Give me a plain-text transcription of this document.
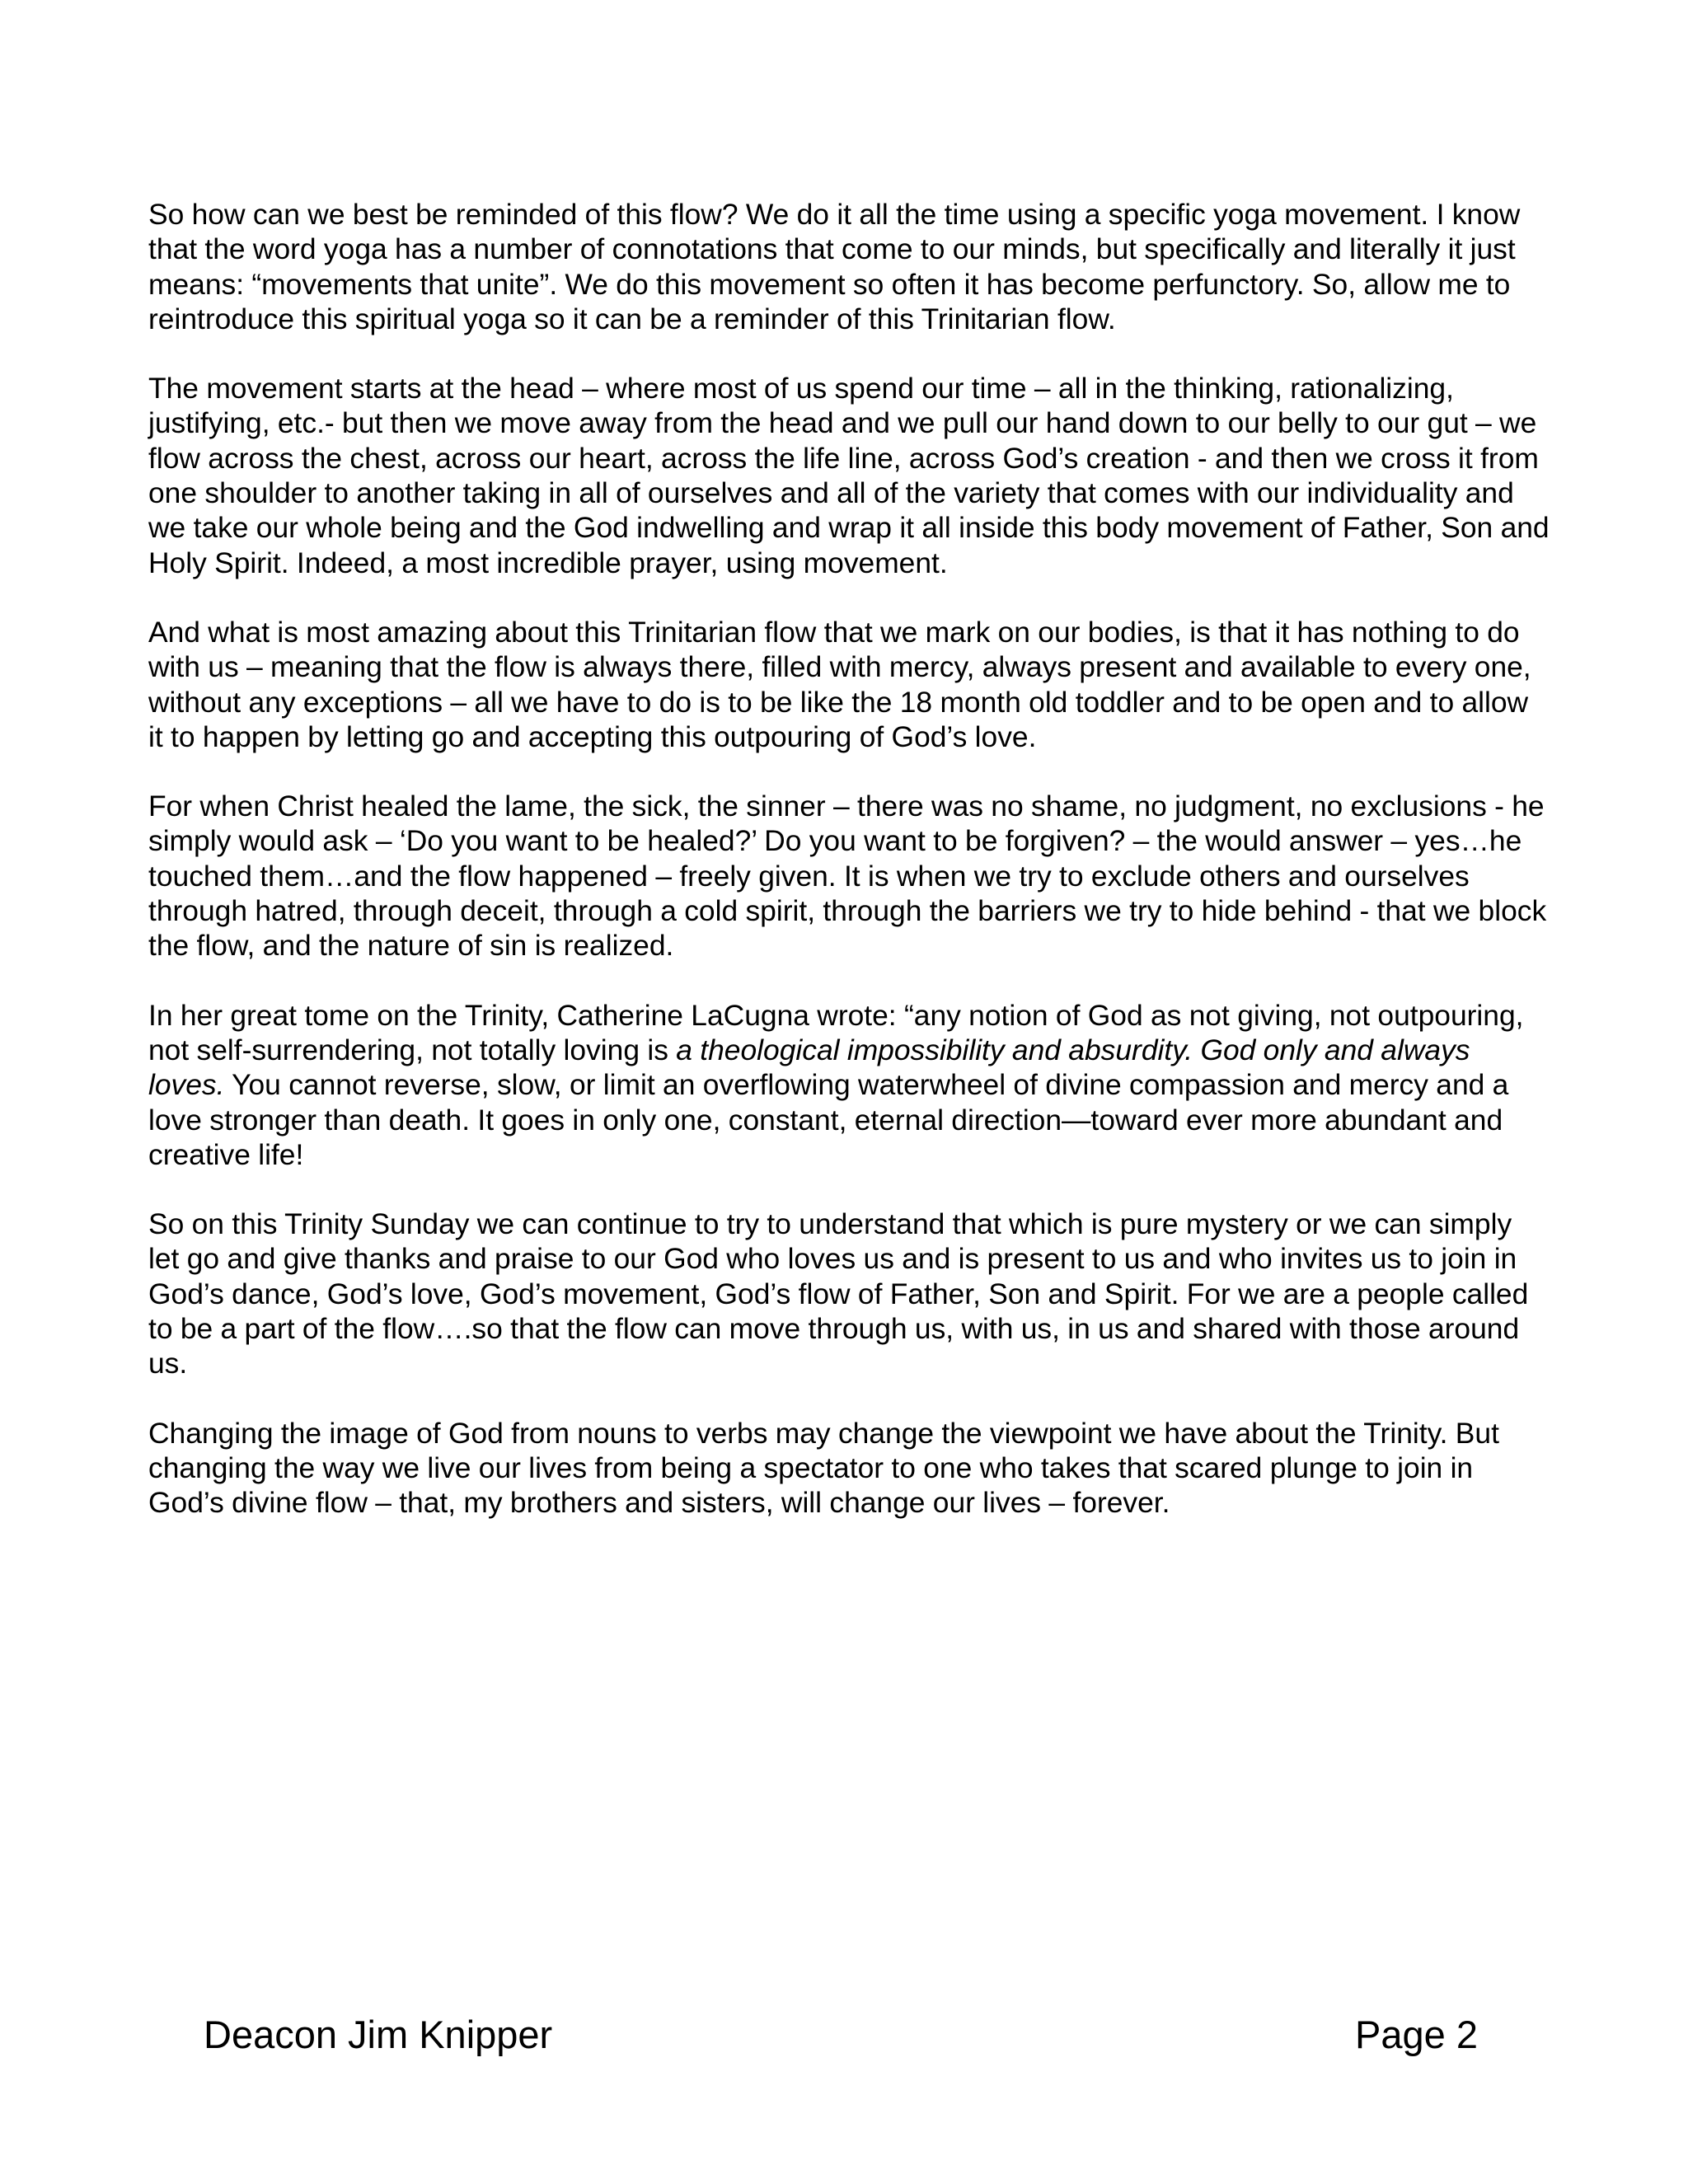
So how can we best be reminded of this flow? We do it all the time using a specific yoga movement. I know that the word yoga has a number of connotations that come to our minds, but specifically and literally it just means: “movements that unite”. We do this movement so often it has become perfunctory. So, allow me to reintroduce this spiritual yoga so it can be a reminder of this Trinitarian flow.

The movement starts at the head – where most of us spend our time – all in the thinking, rationalizing, justifying, etc.- but then we move away from the head and we pull our hand down to our belly to our gut – we flow across the chest, across our heart, across the life line, across God’s creation - and then we cross it from one shoulder to another taking in all of ourselves and all of the variety that comes with our individuality and we take our whole being and the God indwelling and wrap it all inside this body movement of Father, Son and Holy Spirit. Indeed, a most incredible prayer, using movement.

And what is most amazing about this Trinitarian flow that we mark on our bodies, is that it has nothing to do with us – meaning that the flow is always there, filled with mercy, always present and available to every one, without any exceptions – all we have to do is to be like the 18 month old toddler and to be open and to allow it to happen by letting go and accepting this outpouring of God’s love.

For when Christ healed the lame, the sick, the sinner – there was no shame, no judgment, no exclusions - he simply would ask – ‘Do you want to be healed?’ Do you want to be forgiven? – the would answer – yes…he touched them…and the flow happened – freely given. It is when we try to exclude others and ourselves through hatred, through deceit, through a cold spirit, through the barriers we try to hide behind - that we block the flow, and the nature of sin is realized.

In her great tome on the Trinity, Catherine LaCugna wrote: “any notion of God as not giving, not outpouring, not self-surrendering, not totally loving is a theological impossibility and absurdity. God only and always loves. You cannot reverse, slow, or limit an overflowing waterwheel of divine compassion and mercy and a love stronger than death. It goes in only one, constant, eternal direction—toward ever more abundant and creative life!

So on this Trinity Sunday we can continue to try to understand that which is pure mystery or we can simply let go and give thanks and praise to our God who loves us and is present to us and who invites us to join in God’s dance, God’s love, God’s movement, God’s flow of Father, Son and Spirit. For we are a people called to be a part of the flow….so that the flow can move through us, with us, in us and shared with those around us.

Changing the image of God from nouns to verbs may change the viewpoint we have about the Trinity. But changing the way we live our lives from being a spectator to one who takes that scared plunge to join in God’s divine flow – that, my brothers and sisters, will change our lives – forever.

Deacon Jim Knipper	Page 2
